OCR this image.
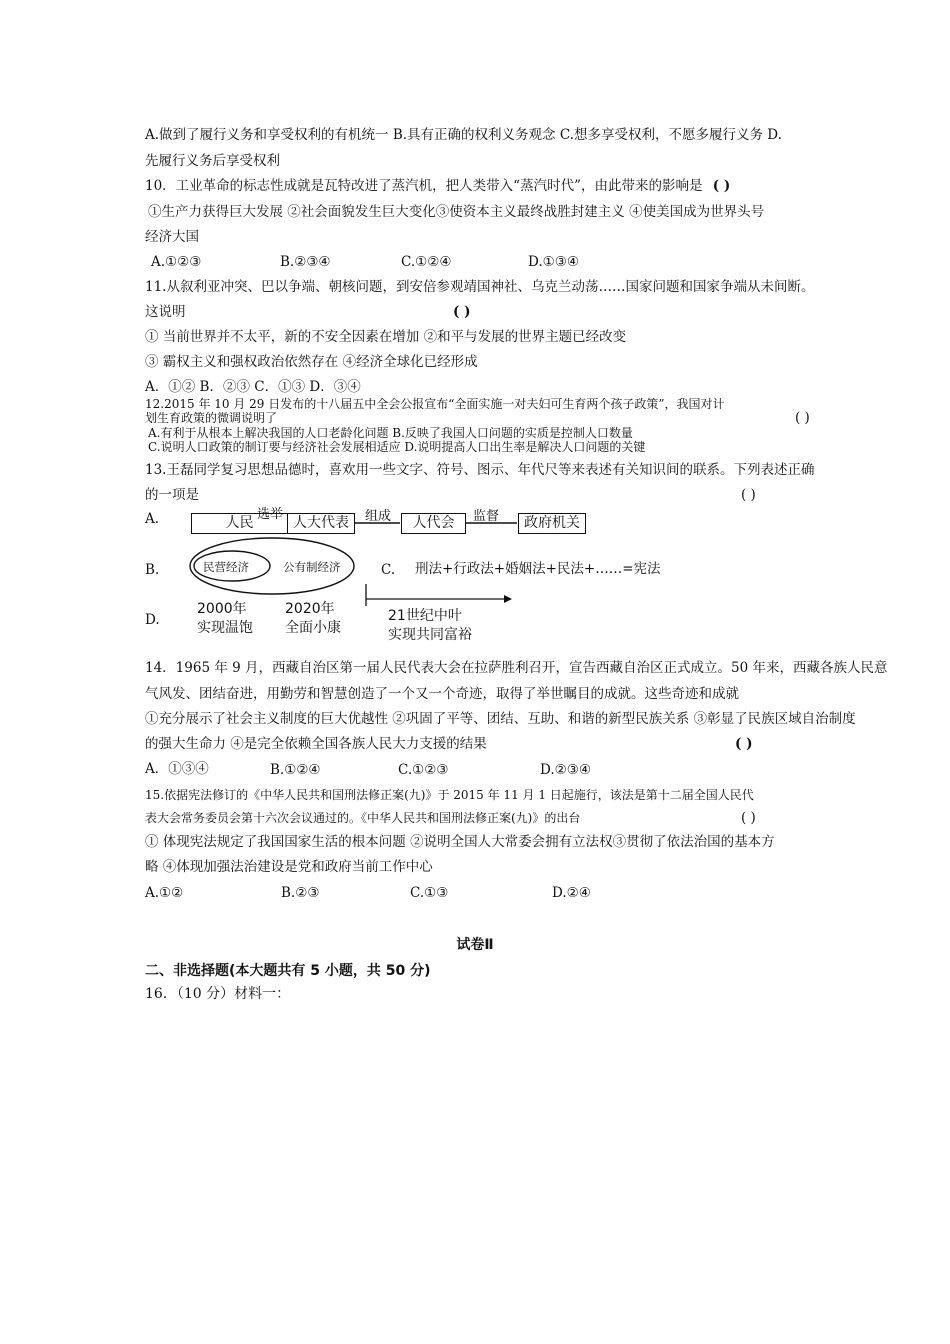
A.做到了履行义务和享受权利的有机统一 B.具有正确的权利义务观念 C.想多享受权利，不愿多履行义务 D.
先履行义务后享受权利
10．工业革命的标志性成就是瓦特改进了蒸汽机，把人类带入“蒸汽时代”，由此带来的影响是 ( )
①生产力获得巨大发展 ②社会面貌发生巨大变化③使资本主义最终战胜封建主义 ④使美国成为世界头号
经济大国
A.①②③	B.②③④	C.①②④	D.①③④
11.从叙利亚冲突、巴以争端、朝核问题，到安倍参观靖国神社、乌克兰动荡……国家问题和国家争端从未间断。
这说明	( )
① 当前世界并不太平，新的不安全因素在增加 ②和平与发展的世界主题已经改变
③ 霸权主义和强权政治依然存在 ④经济全球化已经形成
A．①② B．②③ C．①③ D．③④
12.2015 年 10 月 29 日发布的十八届五中全会公报宣布“全面实施一对夫妇可生育两个孩子政策”，我国对计
划生育政策的微调说明了	( )
A.有利于从根本上解决我国的人口老龄化问题 B.反映了我国人口问题的实质是控制人口数量
C.说明人口政策的制订要与经济社会发展相适应 D.说明提高人口出生率是解决人口问题的关键
13.王磊同学复习思想品德时，喜欢用一些文字、符号、图示、年代尺等来表述有关知识间的联系。下列表述正确
的一项是	( )
A.	人民
选举
人大代表	组成	人代会	监督	政府机关
B.	民营经济	公有制经济	C. 刑法+行政法+婚姻法+民法+……=宪法
D.
2000年
实现温饱
2020年
全面小康
21世纪中叶
实现共同富裕
14．1965 年 9 月，西藏自治区第一届人民代表大会在拉萨胜利召开，宣告西藏自治区正式成立。50 年来，西藏各族人民意
气风发、团结奋进，用勤劳和智慧创造了一个又一个奇迹，取得了举世瞩目的成就。这些奇迹和成就
①充分展示了社会主义制度的巨大优越性 ②巩固了平等、团结、互助、和谐的新型民族关系 ③彰显了民族区域自治制度
的强大生命力 ④是完全依赖全国各族人民大力支援的结果	( )
A．①③④	B.①②④	C.①②③	D.②③④
15.依据宪法修订的《中华人民共和国刑法修正案(九)》于 2015 年 11 月 1 日起施行，该法是第十二届全国人民代
表大会常务委员会第十六次会议通过的。《中华人民共和国刑法修正案(九)》的出台	( )
① 体现宪法规定了我国国家生活的根本问题 ②说明全国人大常委会拥有立法权③贯彻了依法治国的基本方
略 ④体现加强法治建设是党和政府当前工作中心
A.①②	B.②③	C.①③	D.②④
试卷Ⅱ
二、非选择题(本大题共有 5 小题，共 50 分)
16．（10 分）材料一：
